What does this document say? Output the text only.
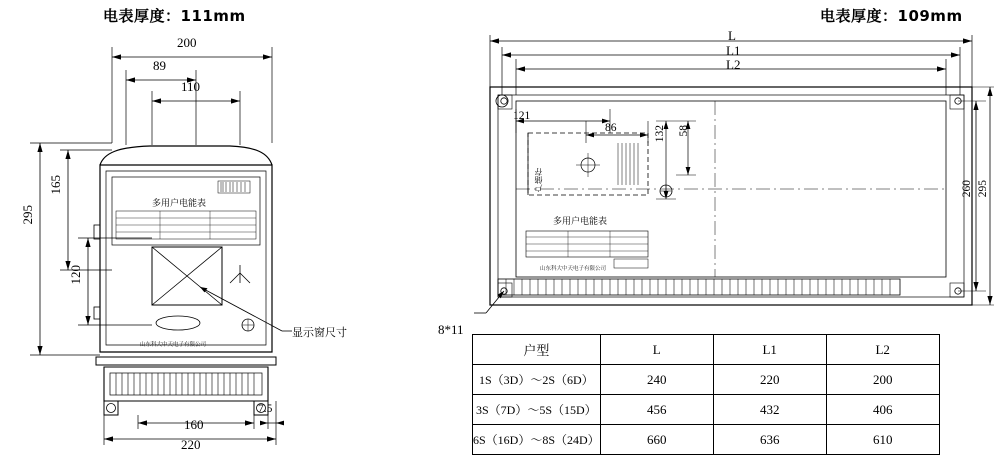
电表厚度：111mm	电表厚度：109mm
200
89
110
295
165
120
160
220
7.5
显示窗尺寸
多用户电能表
山东科大中天电子有限公司
L
L1
L2
121
86	132 58
260 295
8*11
多用户电能表
山东科大中天电子有限公司
户储存
户型	L	L1	L2
1S（3D）～2S（6D）	240	220	200
3S（7D）～5S（15D）	456	432	406
6S（16D）～8S（24D）	660	636	610
